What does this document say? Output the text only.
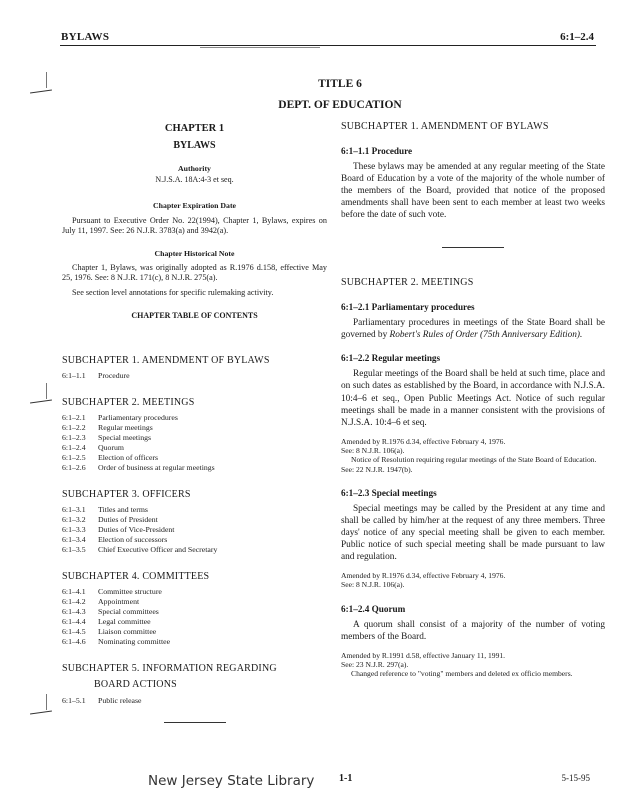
BYLAWS	6:1–2.4
TITLE 6
DEPT. OF EDUCATION
CHAPTER 1
BYLAWS
Authority
N.J.S.A. 18A:4-3 et seq.
Chapter Expiration Date
Pursuant to Executive Order No. 22(1994), Chapter 1, Bylaws, expires on July 11, 1997. See: 26 N.J.R. 3783(a) and 3942(a).
Chapter Historical Note
Chapter 1, Bylaws, was originally adopted as R.1976 d.158, effective May 25, 1976. See: 8 N.J.R. 171(c), 8 N.J.R. 275(a).
See section level annotations for specific rulemaking activity.
CHAPTER TABLE OF CONTENTS
SUBCHAPTER 1. AMENDMENT OF BYLAWS
6:1–1.1	Procedure
SUBCHAPTER 2. MEETINGS
6:1–2.1	Parliamentary procedures
6:1–2.2	Regular meetings
6:1–2.3	Special meetings
6:1–2.4	Quorum
6:1–2.5	Election of officers
6:1–2.6	Order of business at regular meetings
SUBCHAPTER 3. OFFICERS
6:1–3.1	Titles and terms
6:1–3.2	Duties of President
6:1–3.3	Duties of Vice-President
6:1–3.4	Election of successors
6:1–3.5	Chief Executive Officer and Secretary
SUBCHAPTER 4. COMMITTEES
6:1–4.1	Committee structure
6:1–4.2	Appointment
6:1–4.3	Special committees
6:1–4.4	Legal committee
6:1–4.5	Liaison committee
6:1–4.6	Nominating committee
SUBCHAPTER 5. INFORMATION REGARDING
BOARD ACTIONS
6:1–5.1	Public release
SUBCHAPTER 1. AMENDMENT OF BYLAWS
6:1–1.1 Procedure
These bylaws may be amended at any regular meeting of the State Board of Education by a vote of the majority of the whole number of the members of the Board, provided that notice of the proposed amendments shall have been sent to each member at least two weeks before the date of such vote.
SUBCHAPTER 2. MEETINGS
6:1–2.1 Parliamentary procedures
Parliamentary procedures in meetings of the State Board shall be governed by Robert's Rules of Order (75th Anniversary Edition).
6:1–2.2 Regular meetings
Regular meetings of the Board shall be held at such time, place and on such dates as established by the Board, in accordance with N.J.S.A. 10:4–6 et seq., Open Public Meetings Act. Notice of such regular meetings shall be made in a manner consistent with the provisions of N.J.S.A. 10:4–6 et seq.
Amended by R.1976 d.34, effective February 4, 1976.
See: 8 N.J.R. 106(a).
Notice of Resolution requiring regular meetings of the State Board of Education.
See: 22 N.J.R. 1947(b).
6:1–2.3 Special meetings
Special meetings may be called by the President at any time and shall be called by him/her at the request of any three members. Three days' notice of any special meeting shall be given to each member. Public notice of such special meeting shall be made pursuant to law and regulation.
Amended by R.1976 d.34, effective February 4, 1976.
See: 8 N.J.R. 106(a).
6:1–2.4 Quorum
A quorum shall consist of a majority of the number of voting members of the Board.
Amended by R.1991 d.58, effective January 11, 1991.
See: 23 N.J.R. 297(a).
Changed reference to "voting" members and deleted ex officio members.
New Jersey State Library 1-1	5-15-95
